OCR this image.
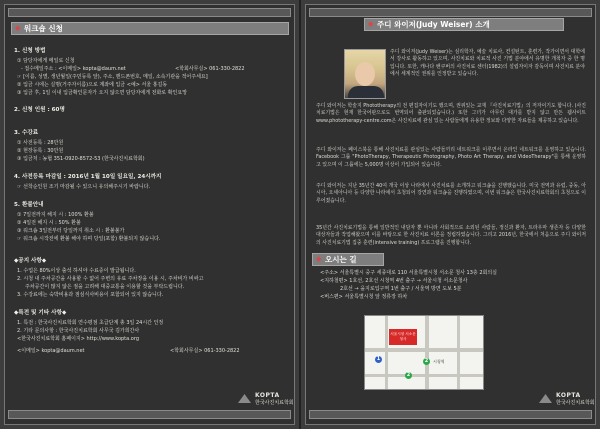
◆ 워크숍 신청
1. 신청 방법
① 담당자에게 메일로 신청
- 접수메일주소 : <이메일> kopta@daum.net	<학회사무실> 061-330-2822
☞ [이름, 성별, 생년월일(주민등록 앞), 주소, 핸드폰번호, 메일, 소속기관을 적어주세요]
② 입금 시에는 실명(거주자이름)으로 계좌에 입금 <예> 서울 홍길동
③ 입금 후, 1일 이내 입금확인문자가 오지 않으면 담당자에게 전화로 확인요망
2. 신청 인원 : 60명
3. 수강료
① 사전등록 : 28만원
② 현장등록 : 30만원
③ 입금처 : 농협 351-0920-8572-53 (한국사진치료학회)
4. 사전등록 마감일 : 2016년 1월 10일 일요일, 24시까지
☞ 선착순인원 조기 마감될 수 있으니 유의해주시기 바랍니다.
5. 환불안내
① 7일전까지 해지 시 : 100% 환불
② 4일전 해지 시 : 50% 환불
③ 워크숍 3일전부터 당일까지 취소 시 : 환불불가
☞ 워크숍 시작전에 환불 해야 하며 당일(포함) 환불되지 않습니다.
◆공지 사항◆
1. 수업은 80%이상 출석 하셔야 수료증이 발급됩니다.
2. 시청 내 주차공간을 사용할 수 없어 주변의 유료 주차장을 이용 시, 주차비가 비싸고
주차공간이 많지 않은 점을 고려해 대중교통을 이용할 것을 부탁드립니다.
3. 수강료에는 숙박비용과 점심식사비용이 포함되어 있지 않습니다.
◆특전 및 기타 사항◆
1. 특전 : 한국사진치료학회 연수평점 초급단계 총 3일 24시간 인정
2. 기타 문의사항 : 한국사진치료학회 사무국 김가희간사
<한국사진치료학회 홈페이지> http://www.kopta.org
<이메일> kopta@daum.net	<학회사무실> 061-330-2822
KOPTA
한국사진치료학회
◆ 주디 와이저(Judy Weiser) 소개
주디 와이저(Judy Weiser)는 심리학자, 예술 치료사, 컨설턴트, 훈련가, 작가이면서 대학에서 강사로 활동하고 있으며, 사진치료와 치료적 사진 기법 분야에서 유명한 개척자 중 한 명입니다. 또한, 캐나다 밴쿠버의 사진치료 센터(1982)의 설립자이자 감독이며 사진치료 분야에서 세계적인 권위를 인정받고 있습니다.
주디 와이저는 학술지 Phototherapy의 전 편집자이기도 했으며, 권위있는 교재 『사진치료기법』의 저자이기도 합니다. (사진치료기법은 현재 한국어판으로도 번역되어 출판되었습니다.) 또한 그녀가 아무런 대가를 받지 않고 만든 웹사이트 www.phototherapy-centre.com은 사진치료에 관심 있는 사람들에게 유용한 정보와 다양한 자료들을 제공하고 있습니다.
주디 와이저는 페이스북을 통해 사진치료를 관심있는 사람들끼리 네트워크를 이루면서 온라인 네트워크를 운영하고 있습니다. Facebook 그룹 "PhotoTherapy, Therapeutic Photography, Photo Art Therapy, and VideoTherapy"를 통해 운영하고 있으며 이 그룹에는 5,000명 이상이 가입되어 있습니다.
주디 와이저는 지난 35년간 40여 개국 이상 나라에서 사진치료를 소개하고 워크숍을 진행했습니다. 미국 전역과 유럽, 중동, 아시아, 오세아니아 등 다양한 나라에서 초청되어 강연과 워크숍을 진행하였으며, 이번 워크숍은 한국사진치료학회의 초청으로 이루어졌습니다.
35년간 사진치료기법을 통해 일반적인 내담자 뿐 아니라 사회적으로 소외된 사람들, 정신과 환자, 트라우마 생존자 등 다양한 대상자들과 작업해왔으며 이를 바탕으로 한 사진치료 이론을 정립하였습니다. 그리고 2016년, 한국에서 처음으로 주디 와이저의 사진치료기법 집중 훈련(intensive training) 프로그램을 진행합니다.
◆ 오시는 길
<주소> 서울특별시 중구 세종대로 110 서울특별시청 서소문 청사 13층 2회의실
<지하철편> 1호선, 2호선 시청역 4번 출구 → 서울시청 서소문청사
2호선 → 을지로입구역 1번 출구 / 서울역 방면 도보 5분
<버스편> 서울특별시청 앞 정류장 하차
서울시청 서소문청사
1	2
2
시청역
KOPTA
한국사진치료학회
